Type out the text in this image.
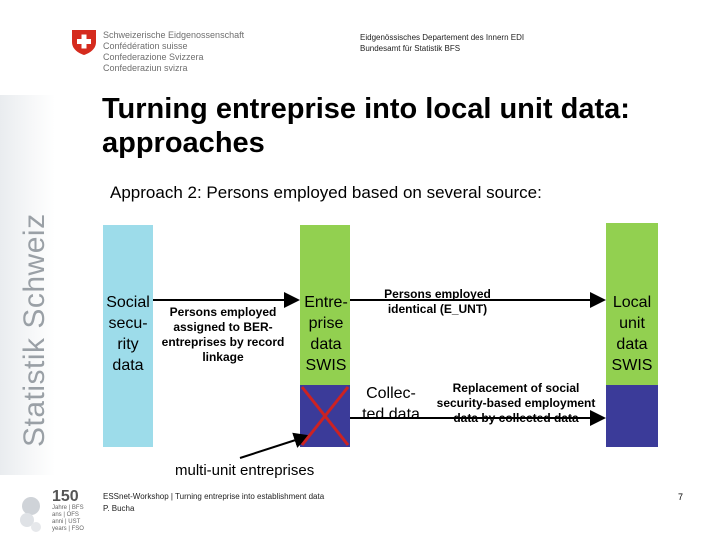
Statistik Schweiz
Schweizerische Eidgenossenschaft
Confédération suisse
Confederazione Svizzera
Confederaziun svizra
Eidgenössisches Departement des Innern EDI
Bundesamt für Statistik BFS
Turning entreprise into local unit data: approaches
Approach 2: Persons employed based on several source:
Social secu-rity data
Entre-prise data SWIS
Local unit data SWIS
Collec-ted data
Persons employed assigned to BER-entreprises by record linkage
Persons employed identical (E_UNT)
Replacement of social security-based employment data by collected data
multi-unit entreprises
150
Jahre | BFS
ans | OFS
anni | UST
years | FSO
ESSnet-Workshop | Turning entreprise into establishment data
P. Bucha
7
